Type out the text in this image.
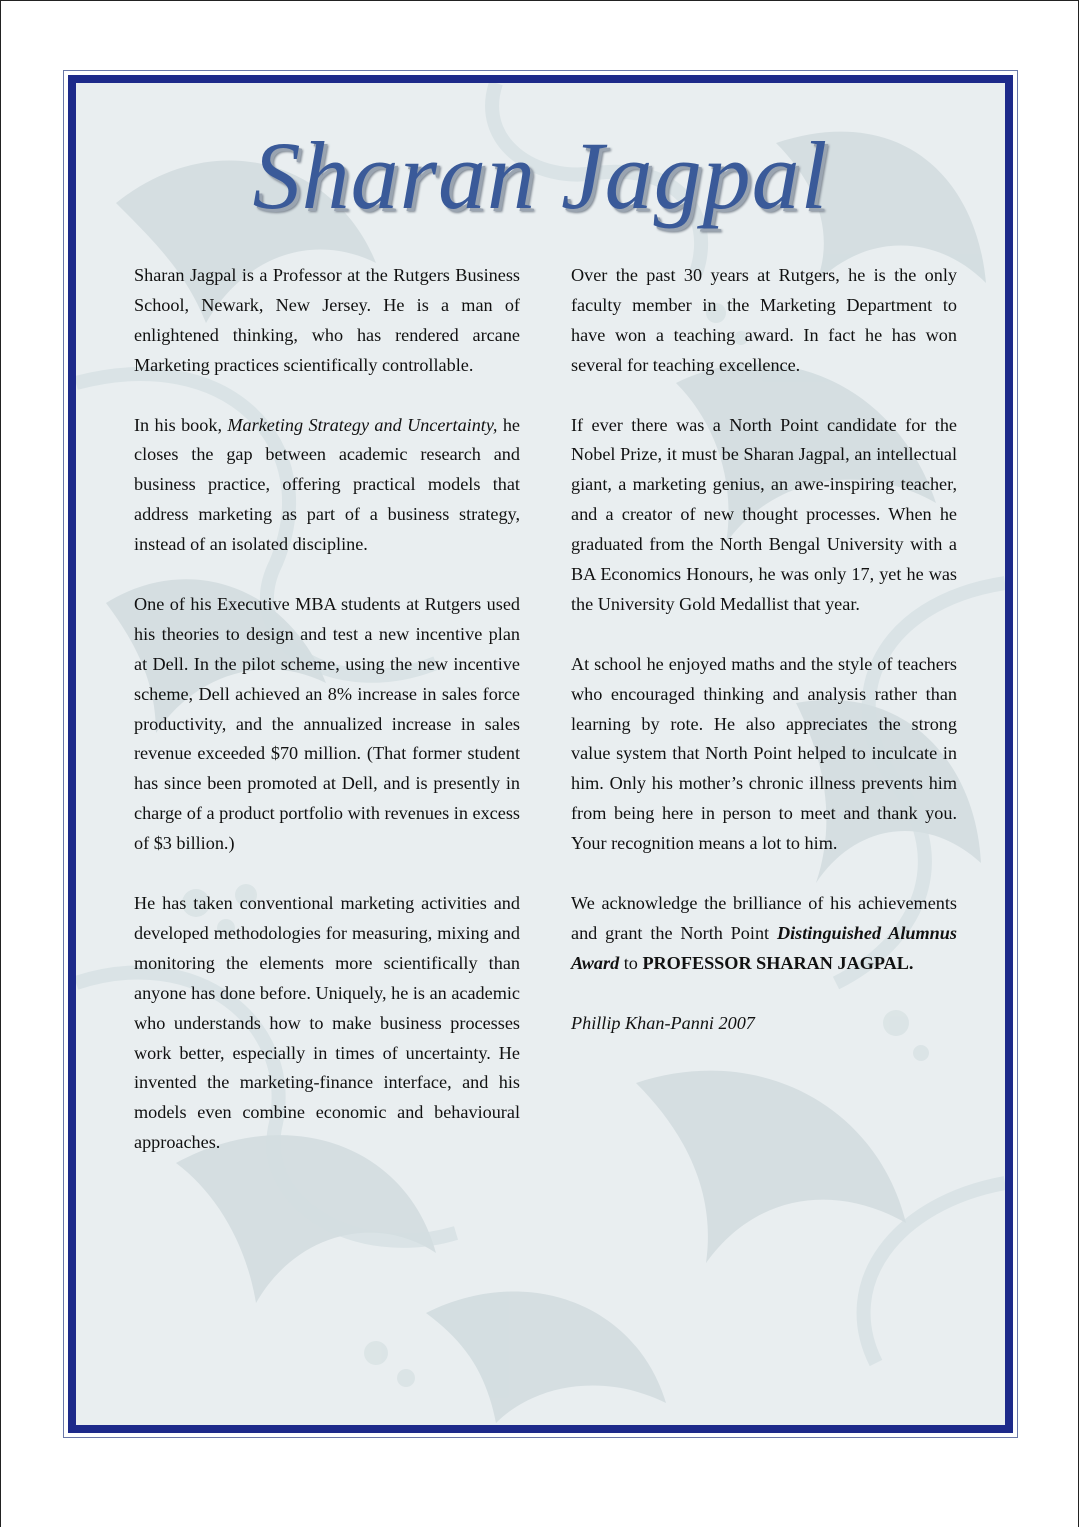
Sharan Jagpal

Sharan Jagpal is a Professor at the Rutgers Business School, Newark, New Jersey. He is a man of enlightened thinking, who has rendered arcane Marketing practices scientifically controllable.

In his book, Marketing Strategy and Uncertainty, he closes the gap between academic research and business practice, offering practical models that address marketing as part of a business strategy, instead of an isolated discipline.

One of his Executive MBA students at Rutgers used his theories to design and test a new incentive plan at Dell. In the pilot scheme, using the new incentive scheme, Dell achieved an 8% increase in sales force productivity, and the annualized increase in sales revenue exceeded $70 million. (That former student has since been promoted at Dell, and is presently in charge of a product portfolio with revenues in excess of $3 billion.)

He has taken conventional marketing activities and developed methodologies for measuring, mixing and monitoring the elements more scientifically than anyone has done before. Uniquely, he is an academic who understands how to make business processes work better, especially in times of uncertainty. He invented the marketing-finance interface, and his models even combine economic and behavioural approaches.

Over the past 30 years at Rutgers, he is the only faculty member in the Marketing Department to have won a teaching award. In fact he has won several for teaching excellence.

If ever there was a North Point candidate for the Nobel Prize, it must be Sharan Jagpal, an intellectual giant, a marketing genius, an awe-inspiring teacher, and a creator of new thought processes. When he graduated from the North Bengal University with a BA Economics Honours, he was only 17, yet he was the University Gold Medallist that year.

At school he enjoyed maths and the style of teachers who encouraged thinking and analysis rather than learning by rote. He also appreciates the strong value system that North Point helped to inculcate in him. Only his mother’s chronic illness prevents him from being here in person to meet and thank you. Your recognition means a lot to him.

We acknowledge the brilliance of his achievements and grant the North Point Distinguished Alumnus Award to PROFESSOR SHARAN JAGPAL.

Phillip Khan-Panni 2007
